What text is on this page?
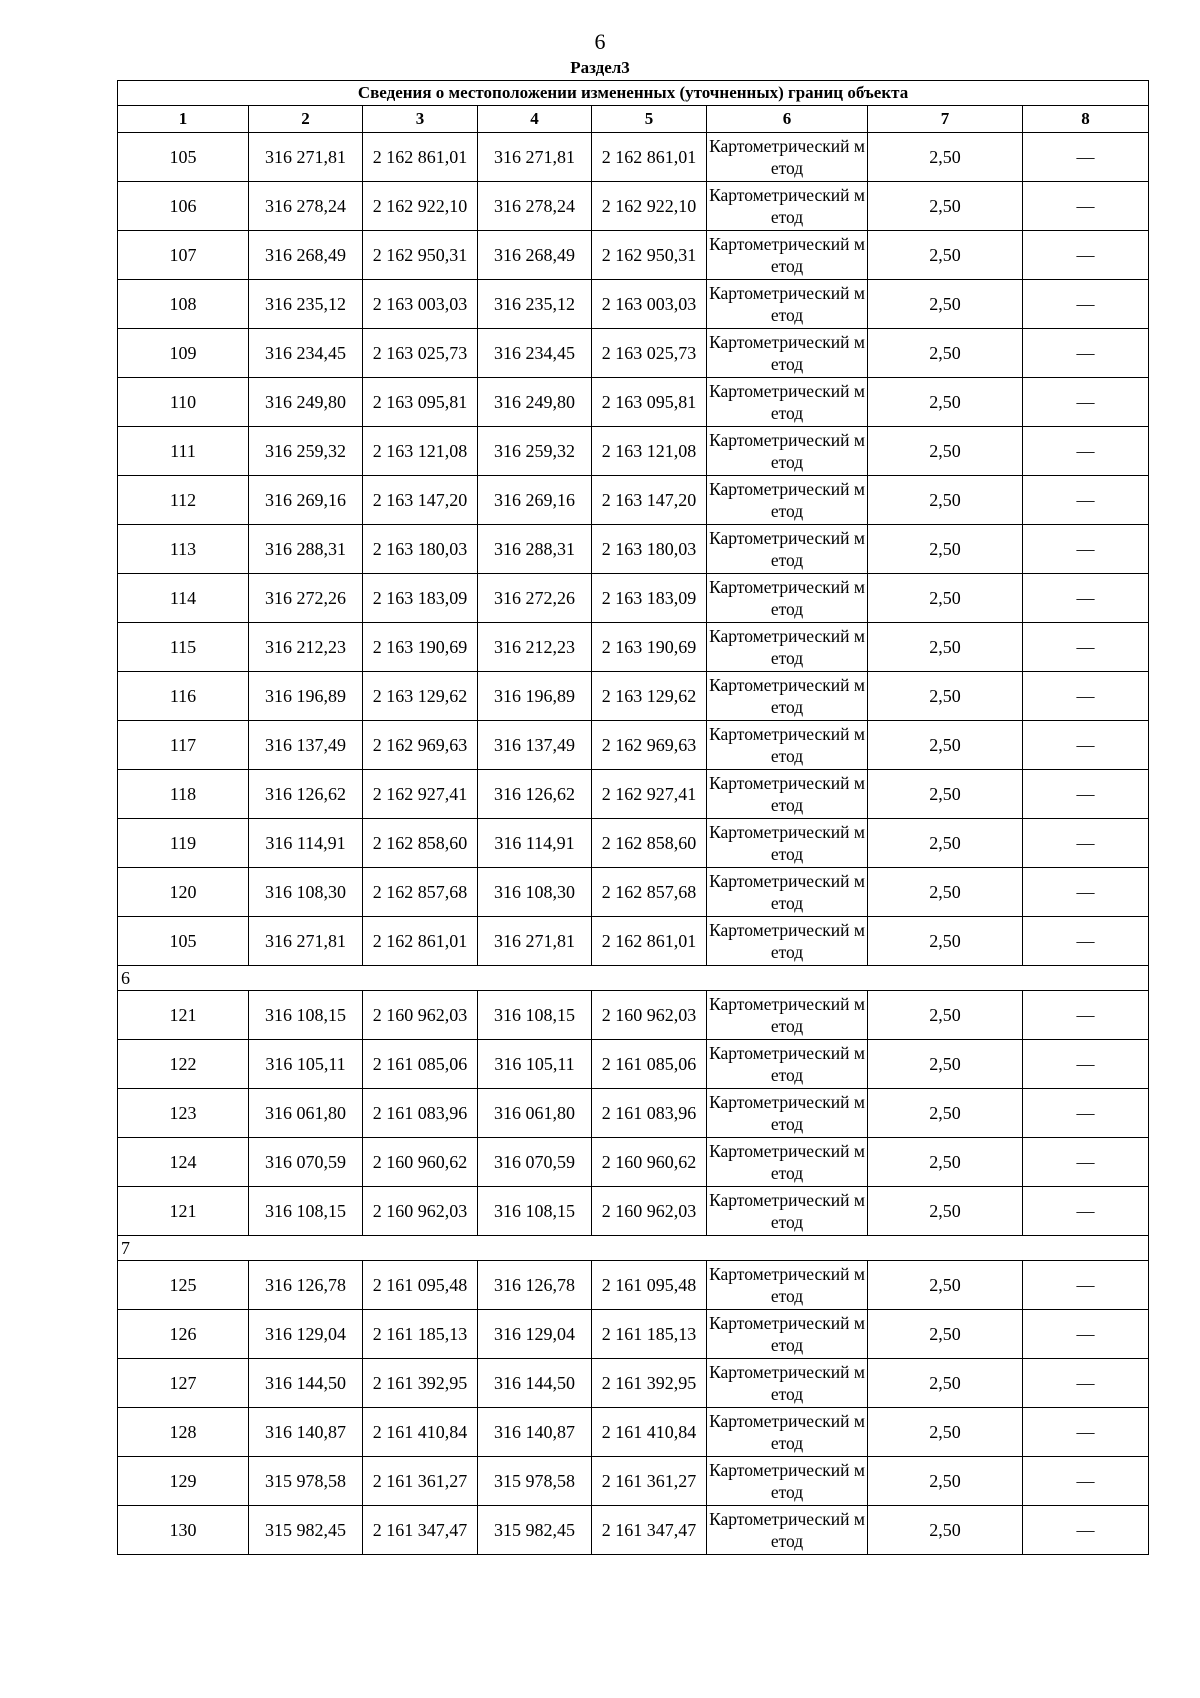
6
Раздел3
Сведения о местоположении измененных (уточненных) границ объекта							
1	2	3	4	5	6	7	8
105	316 271,81	2 162 861,01	316 271,81	2 162 861,01	Картометрический метод	2,50	—
106	316 278,24	2 162 922,10	316 278,24	2 162 922,10	Картометрический метод	2,50	—
107	316 268,49	2 162 950,31	316 268,49	2 162 950,31	Картометрический метод	2,50	—
108	316 235,12	2 163 003,03	316 235,12	2 163 003,03	Картометрический метод	2,50	—
109	316 234,45	2 163 025,73	316 234,45	2 163 025,73	Картометрический метод	2,50	—
110	316 249,80	2 163 095,81	316 249,80	2 163 095,81	Картометрический метод	2,50	—
111	316 259,32	2 163 121,08	316 259,32	2 163 121,08	Картометрический метод	2,50	—
112	316 269,16	2 163 147,20	316 269,16	2 163 147,20	Картометрический метод	2,50	—
113	316 288,31	2 163 180,03	316 288,31	2 163 180,03	Картометрический метод	2,50	—
114	316 272,26	2 163 183,09	316 272,26	2 163 183,09	Картометрический метод	2,50	—
115	316 212,23	2 163 190,69	316 212,23	2 163 190,69	Картометрический метод	2,50	—
116	316 196,89	2 163 129,62	316 196,89	2 163 129,62	Картометрический метод	2,50	—
117	316 137,49	2 162 969,63	316 137,49	2 162 969,63	Картометрический метод	2,50	—
118	316 126,62	2 162 927,41	316 126,62	2 162 927,41	Картометрический метод	2,50	—
119	316 114,91	2 162 858,60	316 114,91	2 162 858,60	Картометрический метод	2,50	—
120	316 108,30	2 162 857,68	316 108,30	2 162 857,68	Картометрический метод	2,50	—
105	316 271,81	2 162 861,01	316 271,81	2 162 861,01	Картометрический метод	2,50	—
6							
121	316 108,15	2 160 962,03	316 108,15	2 160 962,03	Картометрический метод	2,50	—
122	316 105,11	2 161 085,06	316 105,11	2 161 085,06	Картометрический метод	2,50	—
123	316 061,80	2 161 083,96	316 061,80	2 161 083,96	Картометрический метод	2,50	—
124	316 070,59	2 160 960,62	316 070,59	2 160 960,62	Картометрический метод	2,50	—
121	316 108,15	2 160 962,03	316 108,15	2 160 962,03	Картометрический метод	2,50	—
7							
125	316 126,78	2 161 095,48	316 126,78	2 161 095,48	Картометрический метод	2,50	—
126	316 129,04	2 161 185,13	316 129,04	2 161 185,13	Картометрический метод	2,50	—
127	316 144,50	2 161 392,95	316 144,50	2 161 392,95	Картометрический метод	2,50	—
128	316 140,87	2 161 410,84	316 140,87	2 161 410,84	Картометрический метод	2,50	—
129	315 978,58	2 161 361,27	315 978,58	2 161 361,27	Картометрический метод	2,50	—
130	315 982,45	2 161 347,47	315 982,45	2 161 347,47	Картометрический метод	2,50	—
